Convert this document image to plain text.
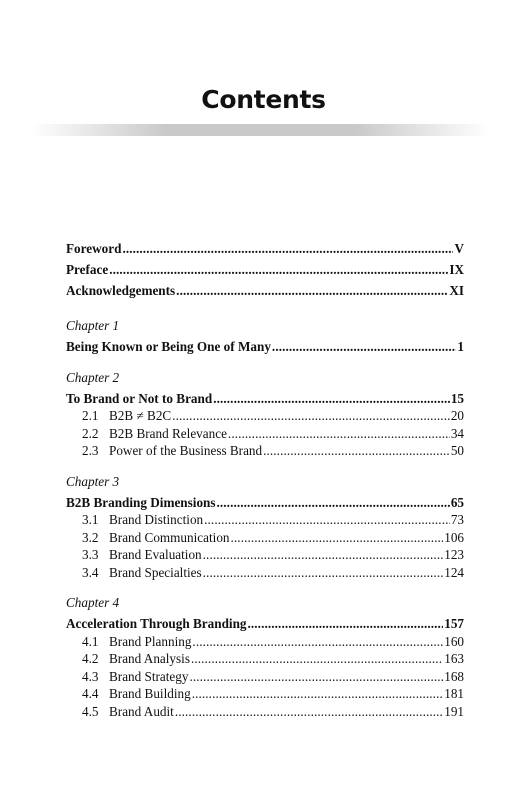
Contents
Foreword . . .	V
Preface . . .	IX
Acknowledgements . . .	XI
Chapter 1
Being Known or Being One of Many . . .	1
Chapter 2
To Brand or Not to Brand . . .	15
2.1 B2B ≠ B2C . . .	20
2.2 B2B Brand Relevance . . .	34
2.3 Power of the Business Brand . . .	50
Chapter 3
B2B Branding Dimensions . . .	65
3.1 Brand Distinction . . .	73
3.2 Brand Communication . . .	106
3.3 Brand Evaluation . . .	123
3.4 Brand Specialties . . .	124
Chapter 4
Acceleration Through Branding . . .	157
4.1 Brand Planning . . .	160
4.2 Brand Analysis . . .	163
4.3 Brand Strategy . . .	168
4.4 Brand Building . . .	181
4.5 Brand Audit . . .	191
